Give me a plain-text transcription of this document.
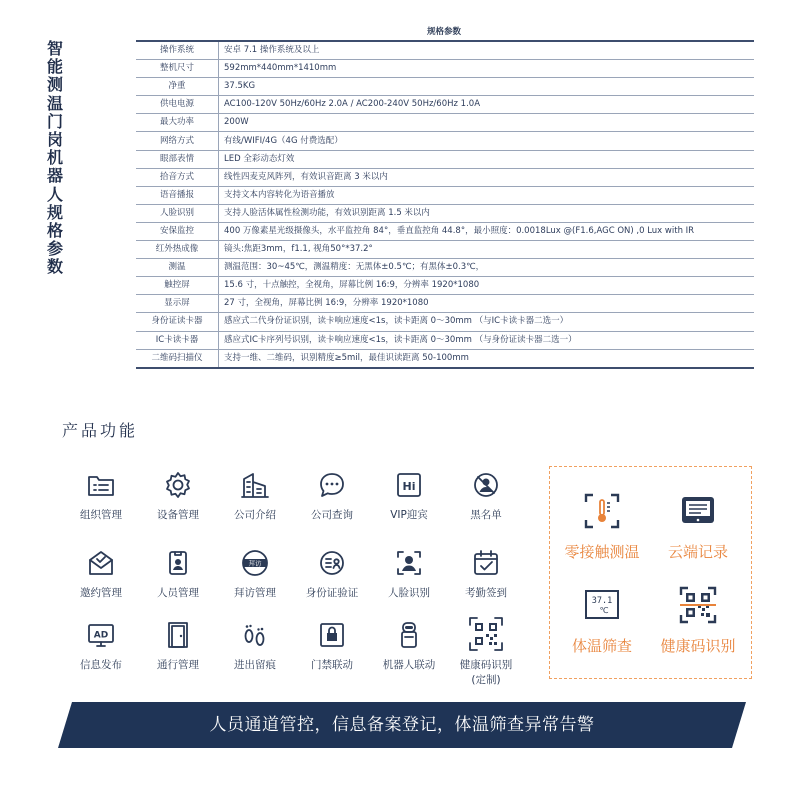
智
能
测
温
门
岗
机
器
人
规
格
参
数
规格参数
操作系统	安卓 7.1 操作系统及以上
整机尺寸	592mm*440mm*1410mm
净重	37.5KG
供电电源	AC100-120V 50Hz/60Hz 2.0A / AC200-240V 50Hz/60Hz 1.0A
最大功率	200W
网络方式	有线/WIFI/4G（4G 付费选配）
眼部表情	LED 全彩动态灯效
拾音方式	线性四麦克风阵列，有效识音距离 3 米以内
语音播报	支持文本内容转化为语音播放
人脸识别	支持人脸活体属性检测功能，有效识别距离 1.5 米以内
安保监控	400 万像素星光级摄像头，水平监控角 84°，垂直监控角 44.8°，最小照度：0.0018Lux @(F1.6,AGC ON) ,0 Lux with IR
红外热成像	镜头:焦距3mm，f1.1, 视角50°*37.2°
测温	测温范围：30~45℃，测温精度：无黑体±0.5℃；有黑体±0.3℃，
触控屏	15.6 寸，十点触控，全视角，屏幕比例 16:9，分辨率 1920*1080
显示屏	27 寸，全视角，屏幕比例 16:9，分辨率 1920*1080
身份证读卡器	感应式二代身份证识别，读卡响应速度<1s，读卡距离 0～30mm （与IC卡读卡器二选一）
IC卡读卡器	感应式IC卡序列号识别，读卡响应速度<1s，读卡距离 0～30mm （与身份证读卡器二选一）
二维码扫描仪	支持一维、二维码，识别精度≥5mil，最佳识读距离 50-100mm
产品功能
组织管理	设备管理	公司介绍	公司查询
Hi
VIP迎宾	黑名单
邀约管理	人员管理
拜访
拜访管理	身份证验证	人脸识别	考勤签到
AD
信息发布	通行管理	进出留痕	门禁联动	机器人联动	健康码识别
(定制)
零接触测温	云端记录
37.1
℃
体温筛查	健康码识别
人员通道管控，信息备案登记，体温筛查异常告警
